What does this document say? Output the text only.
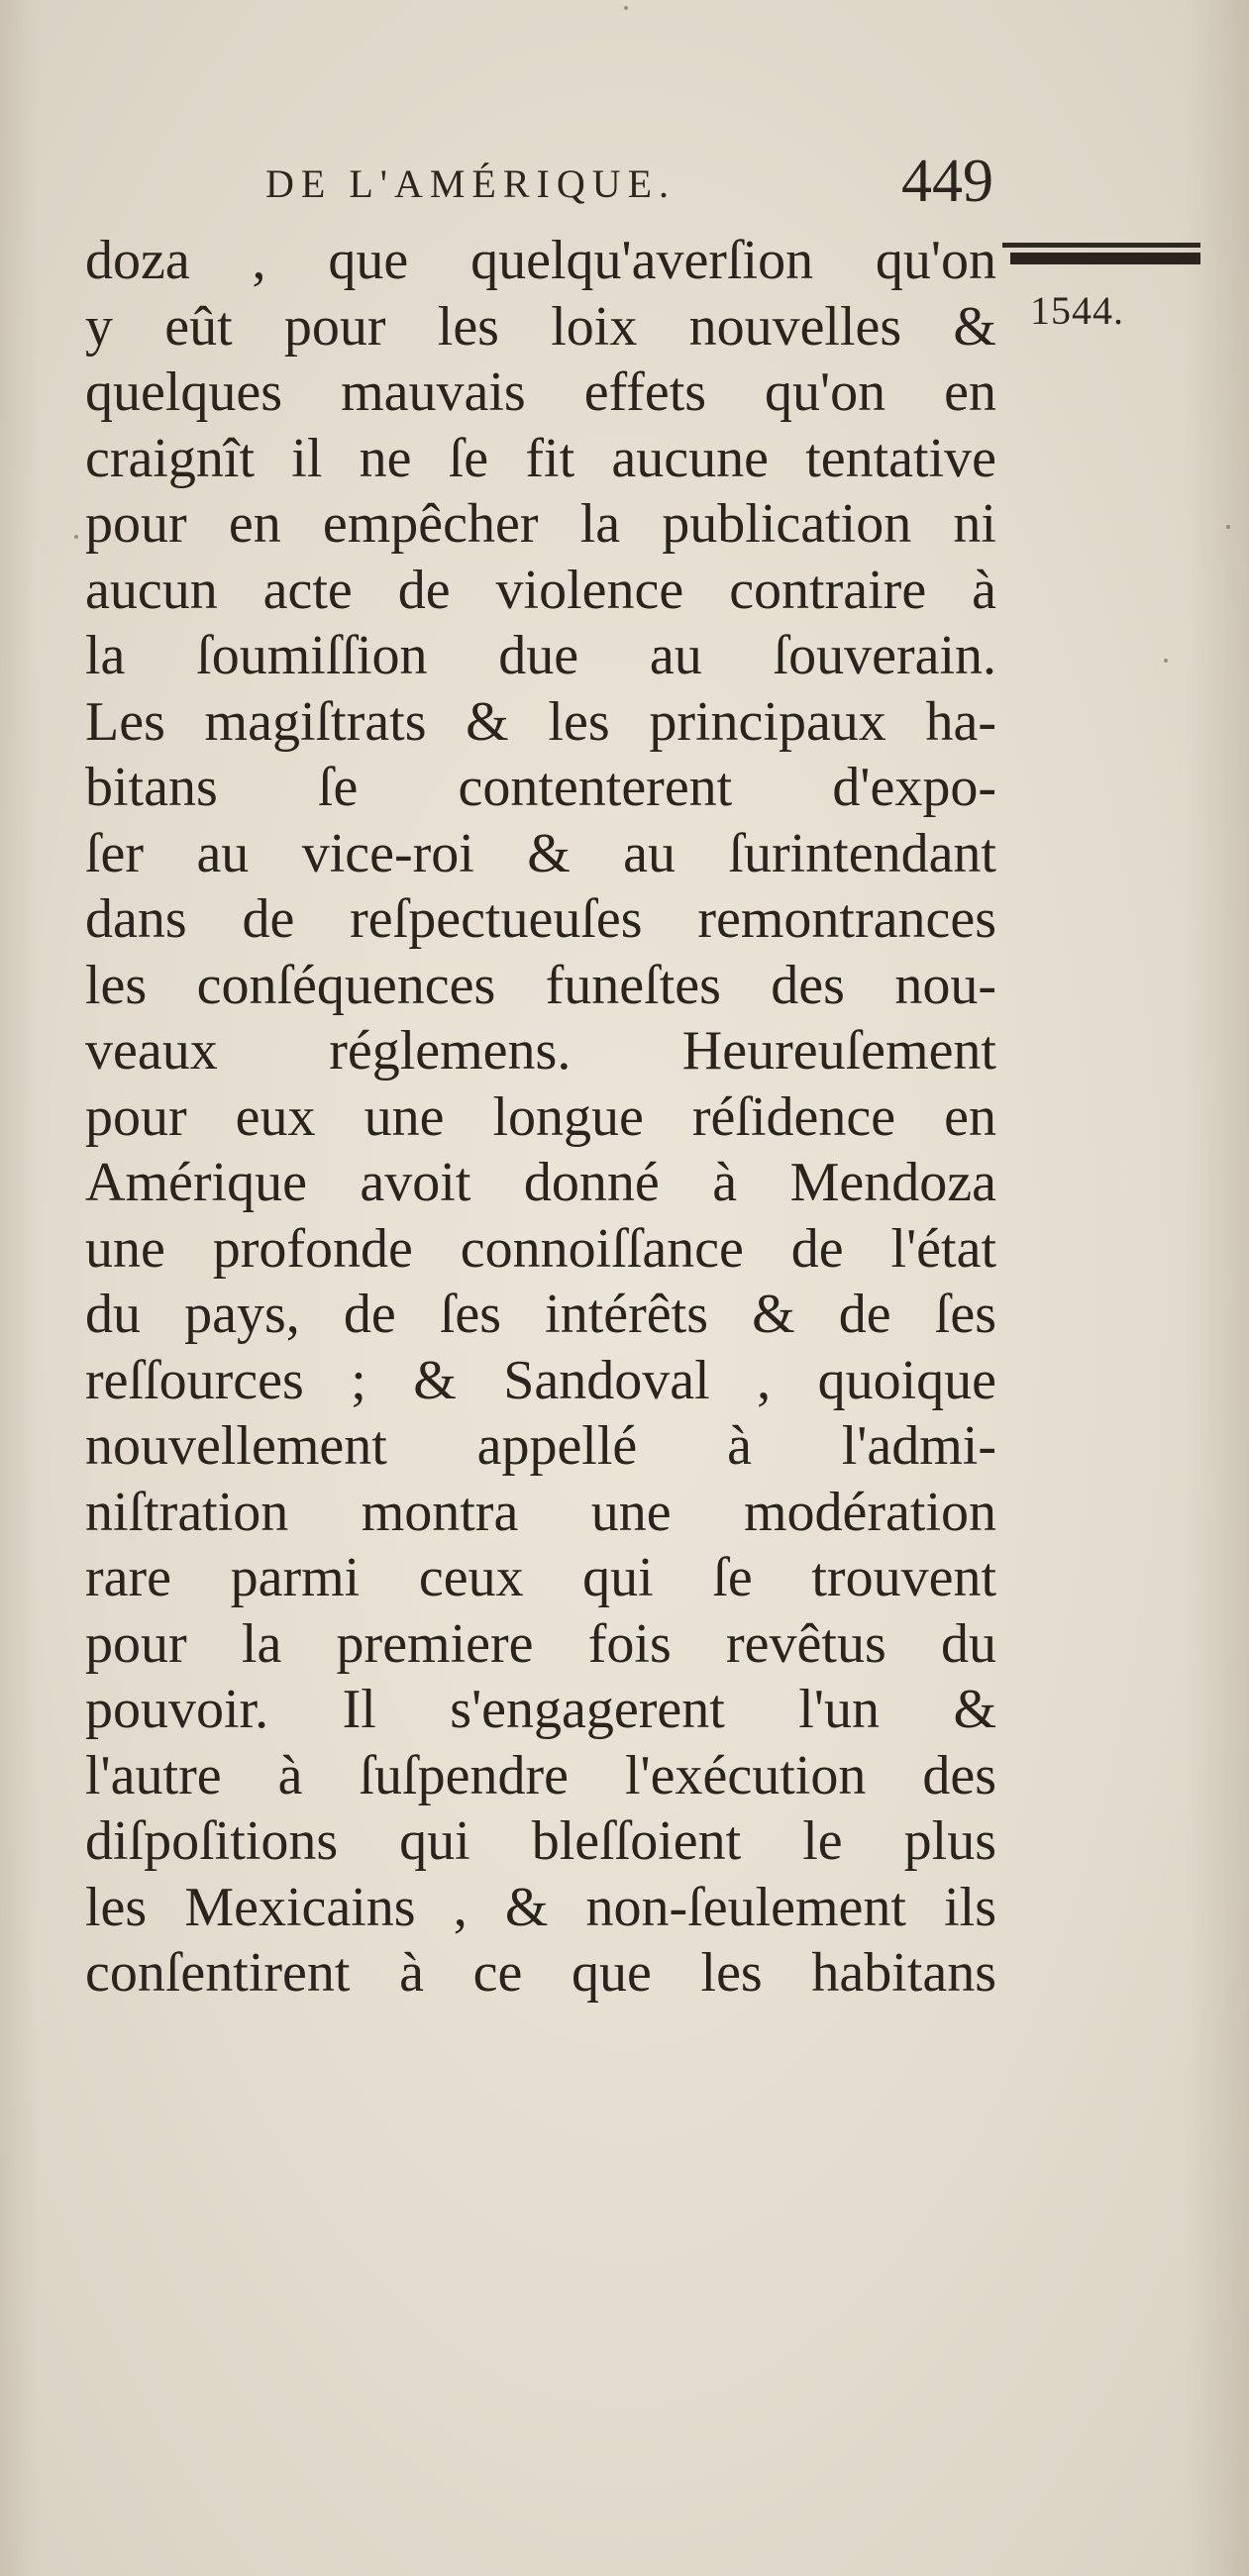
DE L'AMÉRIQUE.	449
1544.
doza , que quelqu'averſion qu'on
y eût pour les loix nouvelles &
quelques mauvais effets qu'on en
craignît il ne ſe fit aucune tentative
pour en empêcher la publication ni
aucun acte de violence contraire à
la ſoumiſſion due au ſouverain.
Les magiſtrats & les principaux ha-
bitans ſe contenterent d'expo-
ſer au vice-roi & au ſurintendant
dans de reſpectueuſes remontrances
les conſéquences funeſtes des nou-
veaux réglemens. Heureuſement
pour eux une longue réſidence en
Amérique avoit donné à Mendoza
une profonde connoiſſance de l'état
du pays, de ſes intérêts & de ſes
reſſources ; & Sandoval , quoique
nouvellement appellé à l'admi-
niſtration montra une modération
rare parmi ceux qui ſe trouvent
pour la premiere fois revêtus du
pouvoir. Il s'engagerent l'un &
l'autre à ſuſpendre l'exécution des
diſpoſitions qui bleſſoient le plus
les Mexicains , & non-ſeulement ils
conſentirent à ce que les habitans
